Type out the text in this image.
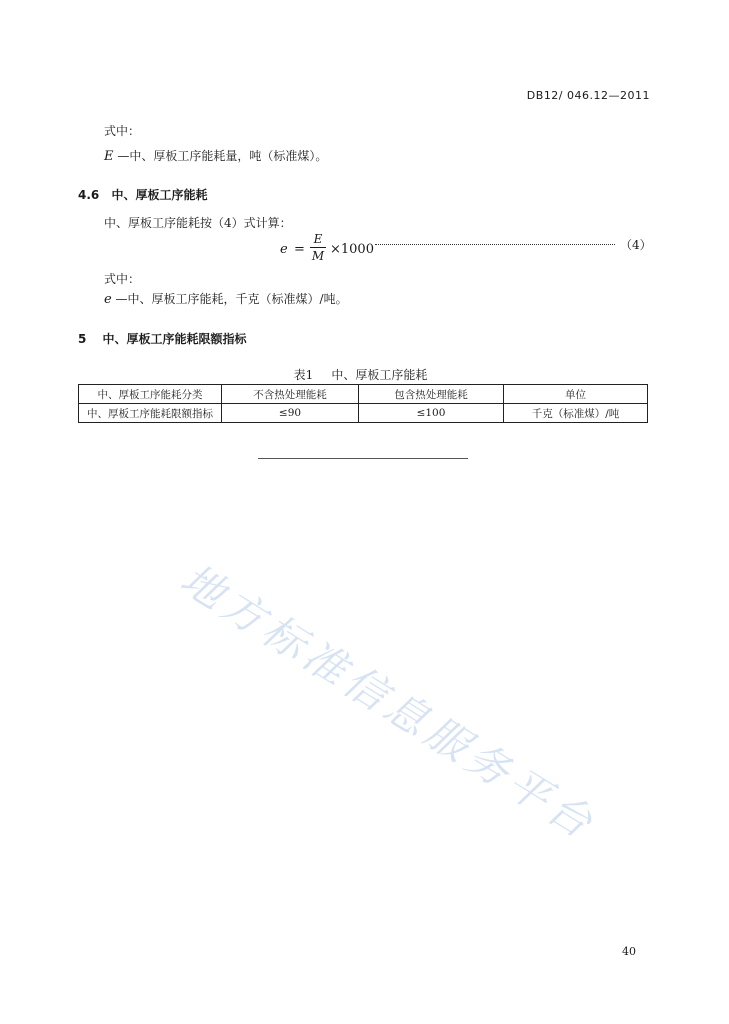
DB12/ 046.12—2011
式中：
E —中、厚板工序能耗量，吨（标准煤）。
4.6 中、厚板工序能耗
中、厚板工序能耗按（4）式计算：
e =
E
M ×1000	（4）
式中：
e —中、厚板工序能耗，千克（标准煤）/吨。
5 中、厚板工序能耗限额指标
表1 中、厚板工序能耗
中、厚板工序能耗分类	不含热处理能耗	包含热处理能耗	单位
中、厚板工序能耗限额指标	≤90	≤100	千克（标准煤）/吨
地方标准信息服务平台
40
